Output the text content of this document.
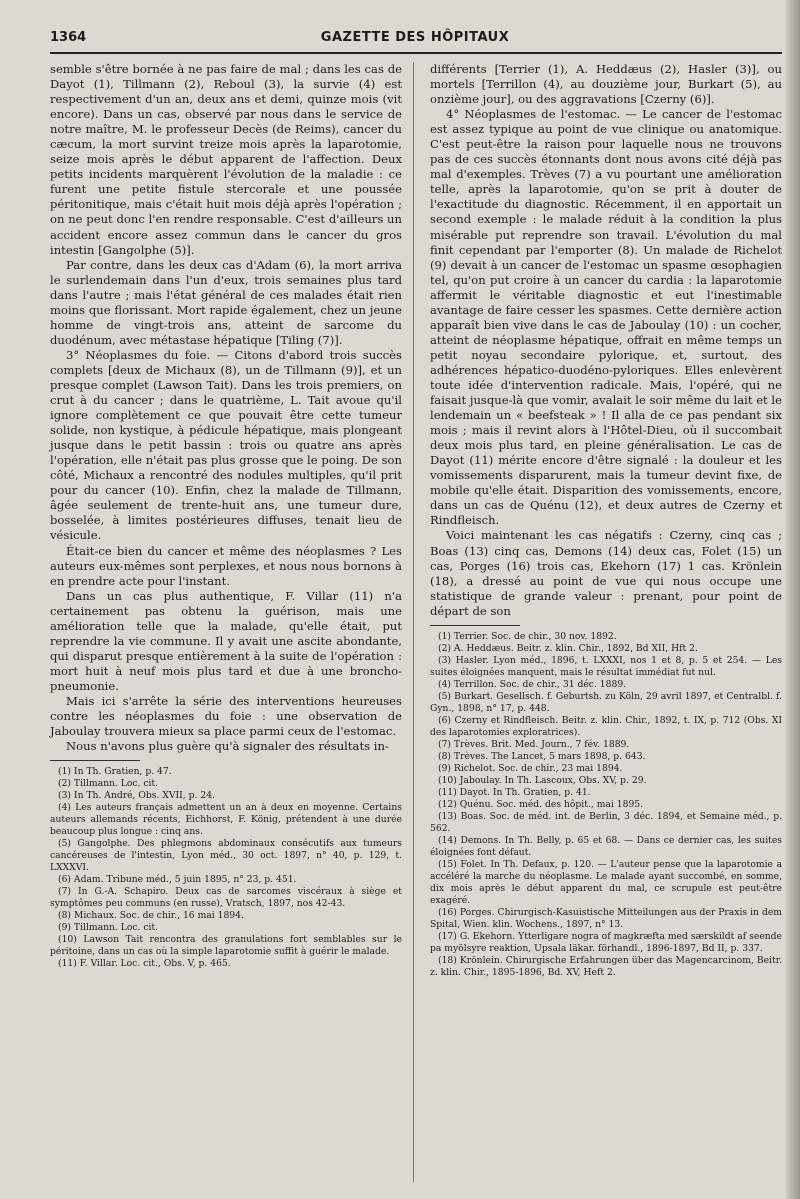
1364	GAZETTE DES HÔPITAUX

semble s'être bornée à ne pas faire de mal ; dans les cas de Dayot (1), Tillmann (2), Reboul (3), la survie (4) est respectivement d'un an, deux ans et demi, quinze mois (vit encore). Dans un cas, observé par nous dans le service de notre maître, M. le professeur Decès (de Reims), cancer du cæcum, la mort survint treize mois après la laparotomie, seize mois après le début apparent de l'affection. Deux petits incidents marquèrent l'évolution de la maladie : ce furent une petite fistule stercorale et une poussée péritonitique, mais c'était huit mois déjà après l'opération ; on ne peut donc l'en rendre responsable. C'est d'ailleurs un accident encore assez commun dans le cancer du gros intestin [Gangolphe (5)].

Par contre, dans les deux cas d'Adam (6), la mort arriva le surlendemain dans l'un d'eux, trois semaines plus tard dans l'autre ; mais l'état général de ces malades était rien moins que florissant. Mort rapide également, chez un jeune homme de vingt-trois ans, atteint de sarcome du duodénum, avec métastase hépatique [Tiling (7)].

3° Néoplasmes du foie. — Citons d'abord trois succès complets [deux de Michaux (8), un de Tillmann (9)], et un presque complet (Lawson Tait). Dans les trois premiers, on crut à du cancer ; dans le quatrième, L. Tait avoue qu'il ignore complètement ce que pouvait être cette tumeur solide, non kystique, à pédicule hépatique, mais plongeant jusque dans le petit bassin : trois ou quatre ans après l'opération, elle n'était pas plus grosse que le poing. De son côté, Michaux a rencontré des nodules multiples, qu'il prit pour du cancer (10). Enfin, chez la malade de Tillmann, âgée seulement de trente-huit ans, une tumeur dure, bosselée, à limites postérieures diffuses, tenait lieu de vésicule.

Était-ce bien du cancer et même des néoplasmes ? Les auteurs eux-mêmes sont perplexes, et nous nous bornons à en prendre acte pour l'instant.

Dans un cas plus authentique, F. Villar (11) n'a certainement pas obtenu la guérison, mais une amélioration telle que la malade, qu'elle était, put reprendre la vie commune. Il y avait une ascite abondante, qui disparut presque entièrement à la suite de l'opération : mort huit à neuf mois plus tard et due à une broncho-pneumonie.

Mais ici s'arrête la série des interventions heureuses contre les néoplasmes du foie : une observation de Jaboulay trouvera mieux sa place parmi ceux de l'estomac.

Nous n'avons plus guère qu'à signaler des résultats in-

(1) In Th. Gratien, p. 47.
(2) Tillmann. Loc. cit.
(3) In Th. André, Obs. XVII, p. 24.
(4) Les auteurs français admettent un an à deux en moyenne. Certains auteurs allemands récents, Eichhorst, F. König, prétendent à une durée beaucoup plus longue : cinq ans.
(5) Gangolphe. Des phlegmons abdominaux consécutifs aux tumeurs cancéreuses de l'intestin, Lyon méd., 30 oct. 1897, n° 40, p. 129, t. LXXXVI.
(6) Adam. Tribune méd., 5 juin 1895, n° 23, p. 451.
(7) In G.-A. Schapiro. Deux cas de sarcomes viscéraux à siège et symptômes peu communs (en russe), Vratsch, 1897, nos 42-43.
(8) Michaux. Soc. de chir., 16 mai 1894.
(9) Tillmann. Loc. cit.
(10) Lawson Tait rencontra des granulations fort semblables sur le péritoine, dans un cas où la simple laparotomie suffit à guérir le malade.
(11) F. Villar. Loc. cit., Obs. V, p. 465.

différents [Terrier (1), A. Heddæus (2), Hasler (3)], ou mortels [Terrillon (4), au douzième jour, Burkart (5), au onzième jour], ou des aggravations [Czerny (6)].

4° Néoplasmes de l'estomac. — Le cancer de l'estomac est assez typique au point de vue clinique ou anatomique. C'est peut-être la raison pour laquelle nous ne trouvons pas de ces succès étonnants dont nous avons cité déjà pas mal d'exemples. Trèves (7) a vu pourtant une amélioration telle, après la laparotomie, qu'on se prit à douter de l'exactitude du diagnostic. Récemment, il en apportait un second exemple : le malade réduit à la condition la plus misérable put reprendre son travail. L'évolution du mal finit cependant par l'emporter (8). Un malade de Richelot (9) devait à un cancer de l'estomac un spasme œsophagien tel, qu'on put croire à un cancer du cardia : la laparotomie affermit le véritable diagnostic et eut l'inestimable avantage de faire cesser les spasmes. Cette dernière action apparaît bien vive dans le cas de Jaboulay (10) : un cocher, atteint de néoplasme hépatique, offrait en même temps un petit noyau secondaire pylorique, et, surtout, des adhérences hépatico-duodéno-pyloriques. Elles enlevèrent toute idée d'intervention radicale. Mais, l'opéré, qui ne faisait jusque-là que vomir, avalait le soir même du lait et le lendemain un « beefsteak » ! Il alla de ce pas pendant six mois ; mais il revint alors à l'Hôtel-Dieu, où il succombait deux mois plus tard, en pleine généralisation. Le cas de Dayot (11) mérite encore d'être signalé : la douleur et les vomissements disparurent, mais la tumeur devint fixe, de mobile qu'elle était. Disparition des vomissements, encore, dans un cas de Quénu (12), et deux autres de Czerny et Rindfleisch.

Voici maintenant les cas négatifs : Czerny, cinq cas ; Boas (13) cinq cas, Demons (14) deux cas, Folet (15) un cas, Porges (16) trois cas, Ekehorn (17) 1 cas. Krönlein (18), a dressé au point de vue qui nous occupe une statistique de grande valeur : prenant, pour point de départ de son

(1) Terrier. Soc. de chir., 30 nov. 1892.
(2) A. Heddæus. Beitr. z. klin. Chir., 1892, Bd XII, Hft 2.
(3) Hasler. Lyon méd., 1896, t. LXXXI, nos 1 et 8, p. 5 et 254. — Les suites éloignées manquent, mais le résultat immédiat fut nul.
(4) Terrillon. Soc. de chir., 31 déc. 1889.
(5) Burkart. Gesellsch. f. Geburtsh. zu Köln, 29 avril 1897, et Centralbl. f. Gyn., 1898, n° 17, p. 448.
(6) Czerny et Rindfleisch. Beitr. z. klin. Chir., 1892, t. IX, p. 712 (Obs. XI des laparotomies exploratrices).
(7) Trèves. Brit. Med. Journ., 7 fév. 1889.
(8) Trèves. The Lancet, 5 mars 1898, p. 643.
(9) Richelot. Soc. de chir., 23 mai 1894.
(10) Jaboulay. In Th. Lascoux, Obs. XV, p. 29.
(11) Dayot. In Th. Gratien, p. 41.
(12) Quénu. Soc. méd. des hôpit., mai 1895.
(13) Boas. Soc. de méd. int. de Berlin, 3 déc. 1894, et Semaine méd., p. 562.
(14) Demons. In Th. Belly, p. 65 et 68. — Dans ce dernier cas, les suites éloignées font défaut.
(15) Folet. In Th. Defaux, p. 120. — L'auteur pense que la laparotomie a accéléré la marche du néoplasme. Le malade ayant succombé, en somme, dix mois après le début apparent du mal, ce scrupule est peut-être exagéré.
(16) Porges. Chirurgisch-Kasuistische Mitteilungen aus der Praxis in dem Spital, Wien. klin. Wochens., 1897, n° 13.
(17) G. Ekehorn. Ytterligare nogra of magkræfta med særskildt af seende pa myölsyre reaktion, Upsala läkar. förhandl., 1896-1897, Bd II, p. 337.
(18) Krönlein. Chirurgische Erfahrungen über das Magencarcinom, Beitr. z. klin. Chir., 1895-1896, Bd. XV, Heft 2.
